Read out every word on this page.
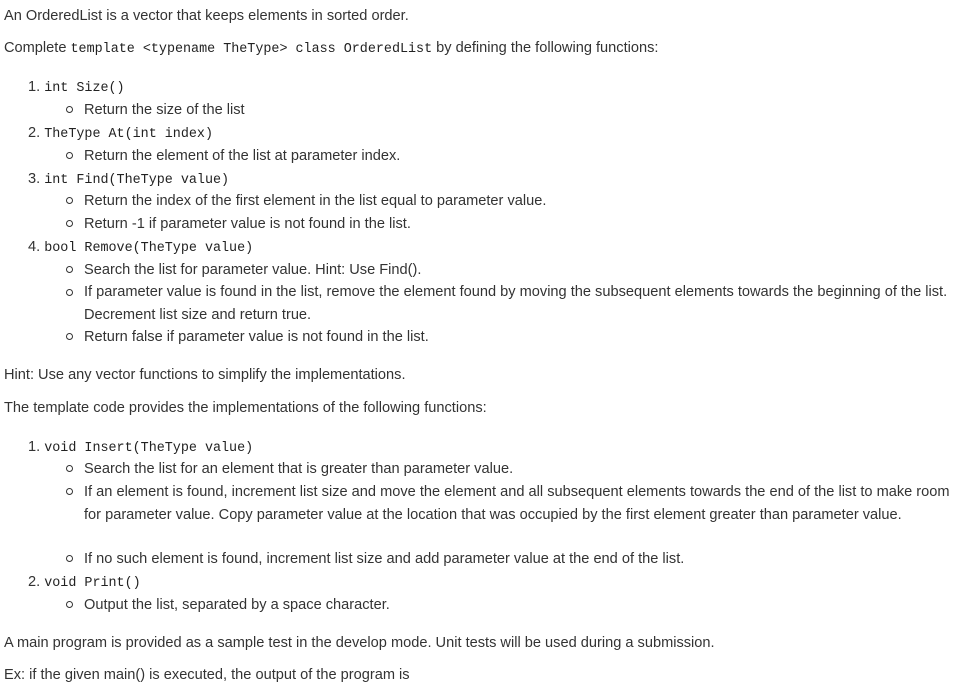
An OrderedList is a vector that keeps elements in sorted order.
Complete template <typename TheType> class OrderedList by defining the following functions:
1. int Size()
Return the size of the list
2. TheType At(int index)
Return the element of the list at parameter index.
3. int Find(TheType value)
Return the index of the first element in the list equal to parameter value.
Return -1 if parameter value is not found in the list.
4. bool Remove(TheType value)
Search the list for parameter value. Hint: Use Find().
If parameter value is found in the list, remove the element found by moving the subsequent elements towards the beginning of the list. Decrement list size and return true.
Return false if parameter value is not found in the list.
Hint: Use any vector functions to simplify the implementations.
The template code provides the implementations of the following functions:
1. void Insert(TheType value)
Search the list for an element that is greater than parameter value.
If an element is found, increment list size and move the element and all subsequent elements towards the end of the list to make room for parameter value. Copy parameter value at the location that was occupied by the first element greater than parameter value.
If no such element is found, increment list size and add parameter value at the end of the list.
2. void Print()
Output the list, separated by a space character.
A main program is provided as a sample test in the develop mode. Unit tests will be used during a submission.
Ex: if the given main() is executed, the output of the program is
